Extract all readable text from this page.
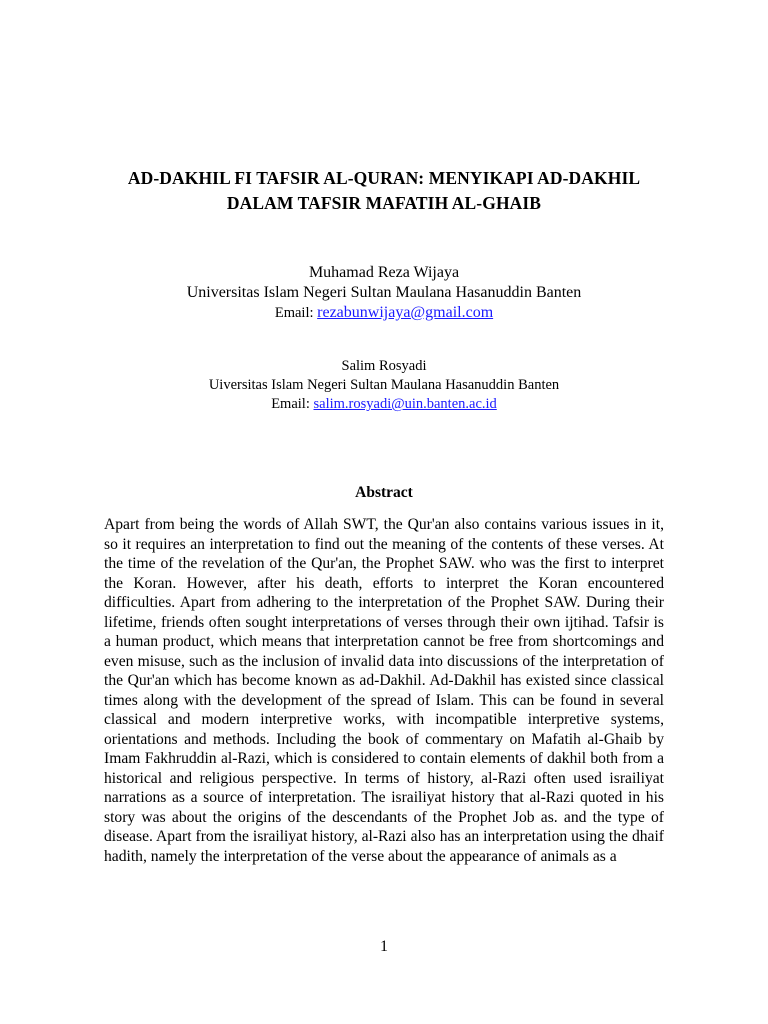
AD-DAKHIL FI TAFSIR AL-QURAN: MENYIKAPI AD-DAKHIL DALAM TAFSIR MAFATIH AL-GHAIB
Muhamad Reza Wijaya
Universitas Islam Negeri Sultan Maulana Hasanuddin Banten
Email: rezabunwijaya@gmail.com
Salim Rosyadi
Uiversitas Islam Negeri Sultan Maulana Hasanuddin Banten
Email: salim.rosyadi@uin.banten.ac.id
Abstract

Apart from being the words of Allah SWT, the Qur'an also contains various issues in it, so it requires an interpretation to find out the meaning of the contents of these verses. At the time of the revelation of the Qur'an, the Prophet SAW. who was the first to interpret the Koran. However, after his death, efforts to interpret the Koran encountered difficulties. Apart from adhering to the interpretation of the Prophet SAW. During their lifetime, friends often sought interpretations of verses through their own ijtihad. Tafsir is a human product, which means that interpretation cannot be free from shortcomings and even misuse, such as the inclusion of invalid data into discussions of the interpretation of the Qur'an which has become known as ad-Dakhil. Ad-Dakhil has existed since classical times along with the development of the spread of Islam. This can be found in several classical and modern interpretive works, with incompatible interpretive systems, orientations and methods. Including the book of commentary on Mafatih al-Ghaib by Imam Fakhruddin al-Razi, which is considered to contain elements of dakhil both from a historical and religious perspective. In terms of history, al-Razi often used israiliyat narrations as a source of interpretation. The israiliyat history that al-Razi quoted in his story was about the origins of the descendants of the Prophet Job as. and the type of disease. Apart from the israiliyat history, al-Razi also has an interpretation using the dhaif hadith, namely the interpretation of the verse about the appearance of animals as a

1
